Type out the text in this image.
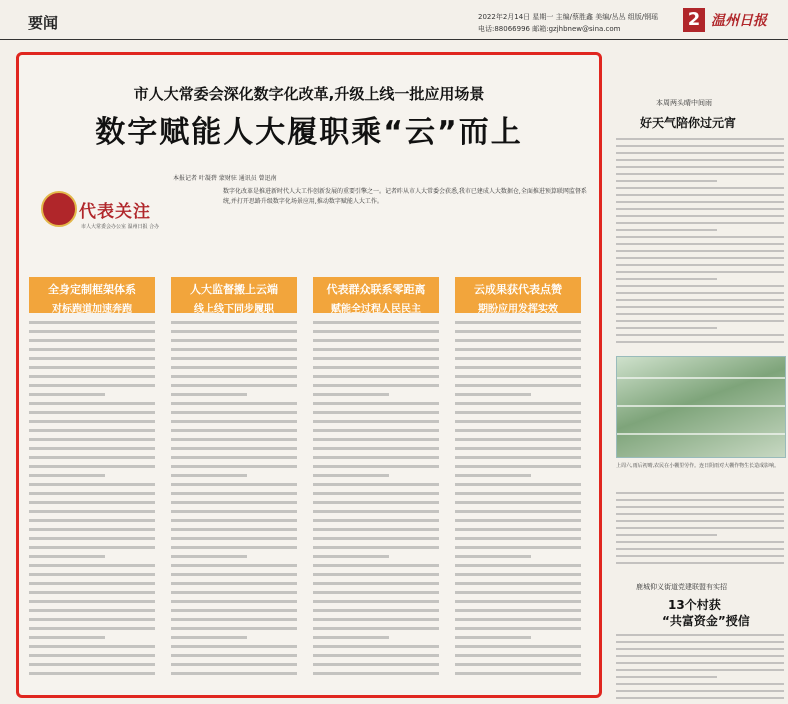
要闻	2022年2月14日 星期一 主编/蔡胜鑫 美编/丛丛 组版/钢瑶
电话:88066996 邮箱:gzjhbnew@sina.com	2 温州日报
市人大常委会深化数字化改革,升级上线一批应用场景
数字赋能人大履职乘“云”而上
本报记者 叶凝碧 蒙财驻 通讯员 曾迅南
数字化改革是推进新时代人大工作创新发展的重要引擎之一。记者昨从市人大常委会获悉,我市已建成人大数据仓,全面推进预算联网监督系统,并打开思路升级数字化场景应用,推动数字赋能人大工作。
代表关注
市人大常委会办公室 温州日报 合办
全身定制框架体系
对标跑道加速奔跑
人大监督搬上云端
线上线下同步履职
代表群众联系零距离
赋能全过程人民民主
云成果获代表点赞
期盼应用发挥实效
本周两头晴中间雨
好天气陪你过元宵
上周六,雨后初晴,农民在小棚里劳作。连日阴雨对大棚作物生长造成影响。
鹿城仰义街道党建联盟有实招
13个村获
“共富资金”授信
